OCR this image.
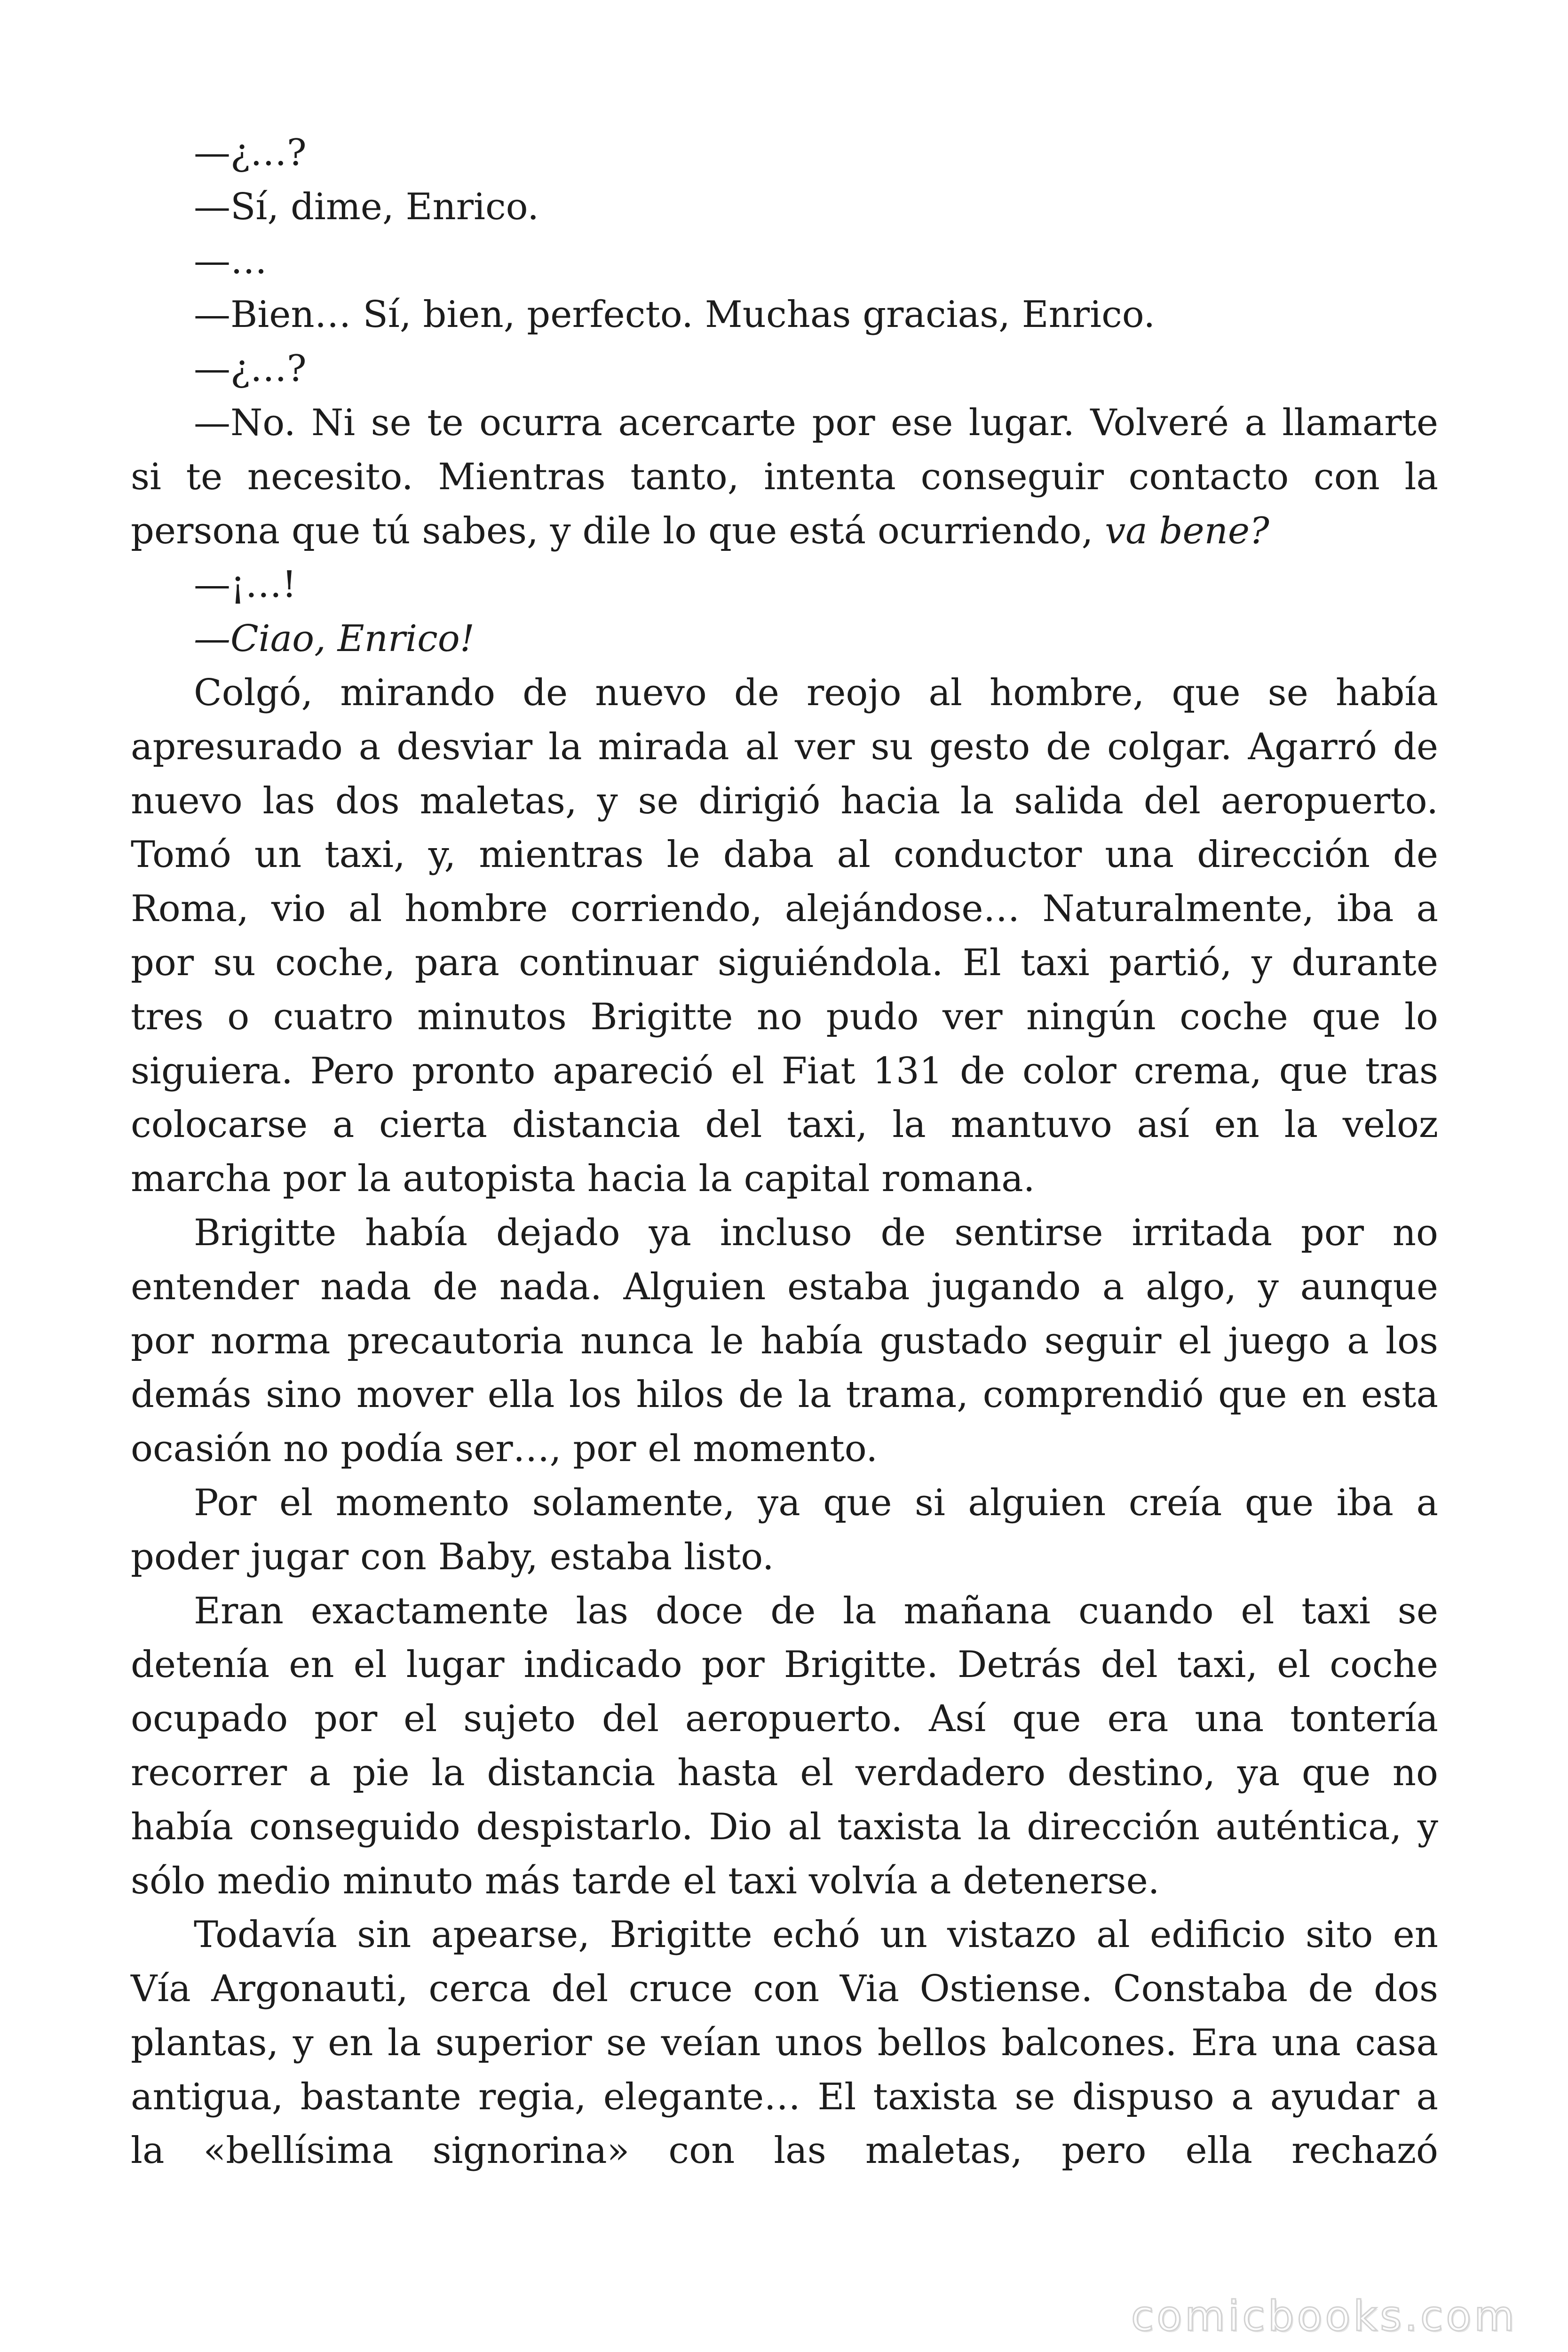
—¿…?
—Sí, dime, Enrico.
—…
—Bien… Sí, bien, perfecto. Muchas gracias, Enrico.
—¿…?
—No. Ni se te ocurra acercarte por ese lugar. Volveré a llamarte
si te necesito. Mientras tanto, intenta conseguir contacto con la
persona que tú sabes, y dile lo que está ocurriendo, va bene?
—¡…!
—Ciao, Enrico!
Colgó, mirando de nuevo de reojo al hombre, que se había
apresurado a desviar la mirada al ver su gesto de colgar. Agarró de
nuevo las dos maletas, y se dirigió hacia la salida del aeropuerto.
Tomó un taxi, y, mientras le daba al conductor una dirección de
Roma, vio al hombre corriendo, alejándose… Naturalmente, iba a
por su coche, para continuar siguiéndola. El taxi partió, y durante
tres o cuatro minutos Brigitte no pudo ver ningún coche que lo
siguiera. Pero pronto apareció el Fiat 131 de color crema, que tras
colocarse a cierta distancia del taxi, la mantuvo así en la veloz
marcha por la autopista hacia la capital romana.
Brigitte había dejado ya incluso de sentirse irritada por no
entender nada de nada. Alguien estaba jugando a algo, y aunque
por norma precautoria nunca le había gustado seguir el juego a los
demás sino mover ella los hilos de la trama, comprendió que en esta
ocasión no podía ser…, por el momento.
Por el momento solamente, ya que si alguien creía que iba a
poder jugar con Baby, estaba listo.
Eran exactamente las doce de la mañana cuando el taxi se
detenía en el lugar indicado por Brigitte. Detrás del taxi, el coche
ocupado por el sujeto del aeropuerto. Así que era una tontería
recorrer a pie la distancia hasta el verdadero destino, ya que no
había conseguido despistarlo. Dio al taxista la dirección auténtica, y
sólo medio minuto más tarde el taxi volvía a detenerse.
Todavía sin apearse, Brigitte echó un vistazo al edificio sito en
Vía Argonauti, cerca del cruce con Via Ostiense. Constaba de dos
plantas, y en la superior se veían unos bellos balcones. Era una casa
antigua, bastante regia, elegante… El taxista se dispuso a ayudar a
la «bellísima signorina» con las maletas, pero ella rechazó
comicbooks.com
